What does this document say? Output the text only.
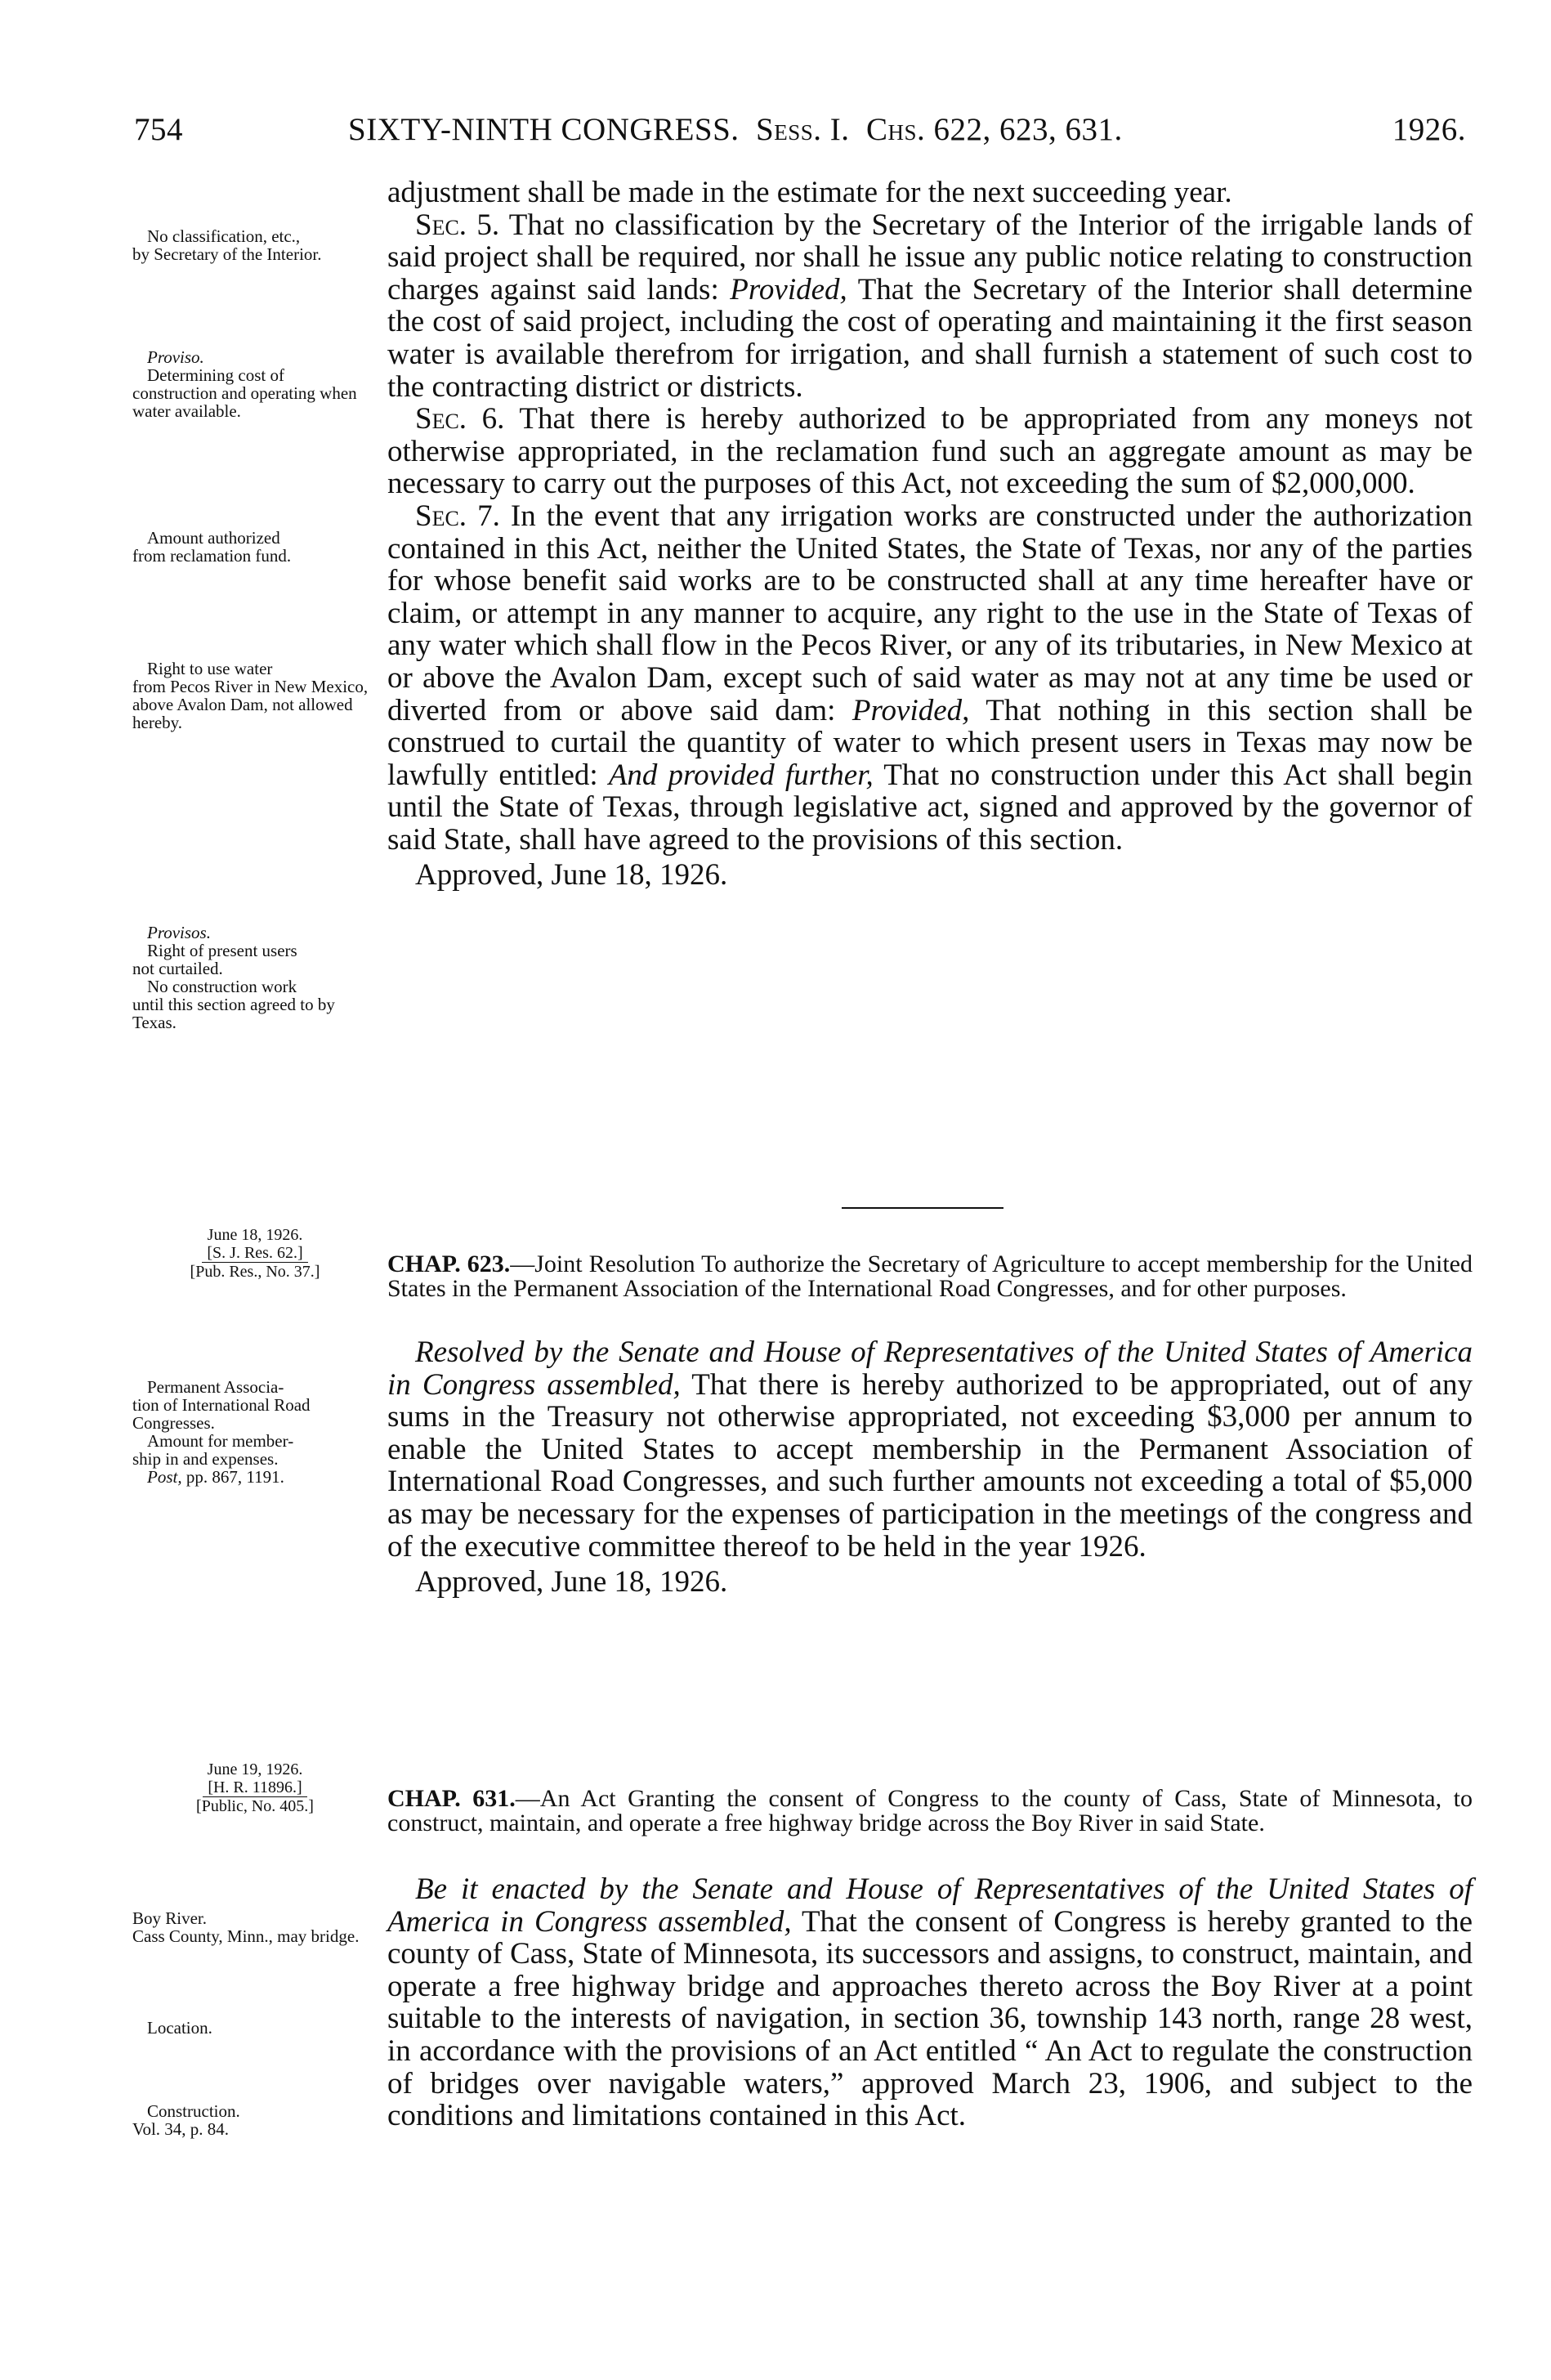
754	SIXTY-NINTH CONGRESS. Sess. I. Chs. 622, 623, 631.	1926.

adjustment shall be made in the estimate for the next succeeding year.

Sec. 5. That no classification by the Secretary of the Interior of the irrigable lands of said project shall be required, nor shall he issue any public notice relating to construction charges against said lands: Provided, That the Secretary of the Interior shall determine the cost of said project, including the cost of operating and maintaining it the first season water is available therefrom for irrigation, and shall furnish a statement of such cost to the contracting district or districts.

Sec. 6. That there is hereby authorized to be appropriated from any moneys not otherwise appropriated, in the reclamation fund such an aggregate amount as may be necessary to carry out the purposes of this Act, not exceeding the sum of $2,000,000.

Sec. 7. In the event that any irrigation works are constructed under the authorization contained in this Act, neither the United States, the State of Texas, nor any of the parties for whose benefit said works are to be constructed shall at any time hereafter have or claim, or attempt in any manner to acquire, any right to the use in the State of Texas of any water which shall flow in the Pecos River, or any of its tributaries, in New Mexico at or above the Avalon Dam, except such of said water as may not at any time be used or diverted from or above said dam: Provided, That nothing in this section shall be construed to curtail the quantity of water to which present users in Texas may now be lawfully entitled: And provided further, That no construction under this Act shall begin until the State of Texas, through legislative act, signed and approved by the governor of said State, shall have agreed to the provisions of this section.

Approved, June 18, 1926.

No classification, etc.,

by Secretary of the Interior.

Proviso.

Determining cost of

construction and operating when water available.

Amount authorized

from reclamation fund.

Right to use water

from Pecos River in New Mexico, above Avalon Dam, not allowed hereby.

Provisos.

Right of present users

not curtailed.

No construction work

until this section agreed to by Texas.

June 18, 1926.
[S. J. Res. 62.]
[Pub. Res., No. 37.]	CHAP. 623.—Joint Resolution To authorize the Secretary of Agriculture to accept membership for the United States in the Permanent Association of the International Road Congresses, and for other purposes.

Resolved by the Senate and House of Representatives of the United States of America in Congress assembled, That there is hereby authorized to be appropriated, out of any sums in the Treasury not otherwise appropriated, not exceeding $3,000 per annum to enable the United States to accept membership in the Permanent Association of International Road Congresses, and such further amounts not exceeding a total of $5,000 as may be necessary for the expenses of participation in the meetings of the congress and of the executive committee thereof to be held in the year 1926.

Approved, June 18, 1926.

Permanent Associa-

tion of International Road Congresses.

Amount for member-

ship in and expenses.

Post, pp. 867, 1191.

June 19, 1926.
[H. R. 11896.]
[Public, No. 405.]	CHAP. 631.—An Act Granting the consent of Congress to the county of Cass, State of Minnesota, to construct, maintain, and operate a free highway bridge across the Boy River in said State.

Be it enacted by the Senate and House of Representatives of the United States of America in Congress assembled, That the consent of Congress is hereby granted to the county of Cass, State of Minnesota, its successors and assigns, to construct, maintain, and operate a free highway bridge and approaches thereto across the Boy River at a point suitable to the interests of navigation, in section 36, township 143 north, range 28 west, in accordance with the provisions of an Act entitled “ An Act to regulate the construction of bridges over navigable waters,” approved March 23, 1906, and subject to the conditions and limitations contained in this Act.

Boy River.

Cass County, Minn., may bridge.

Location.

Construction.

Vol. 34, p. 84.
